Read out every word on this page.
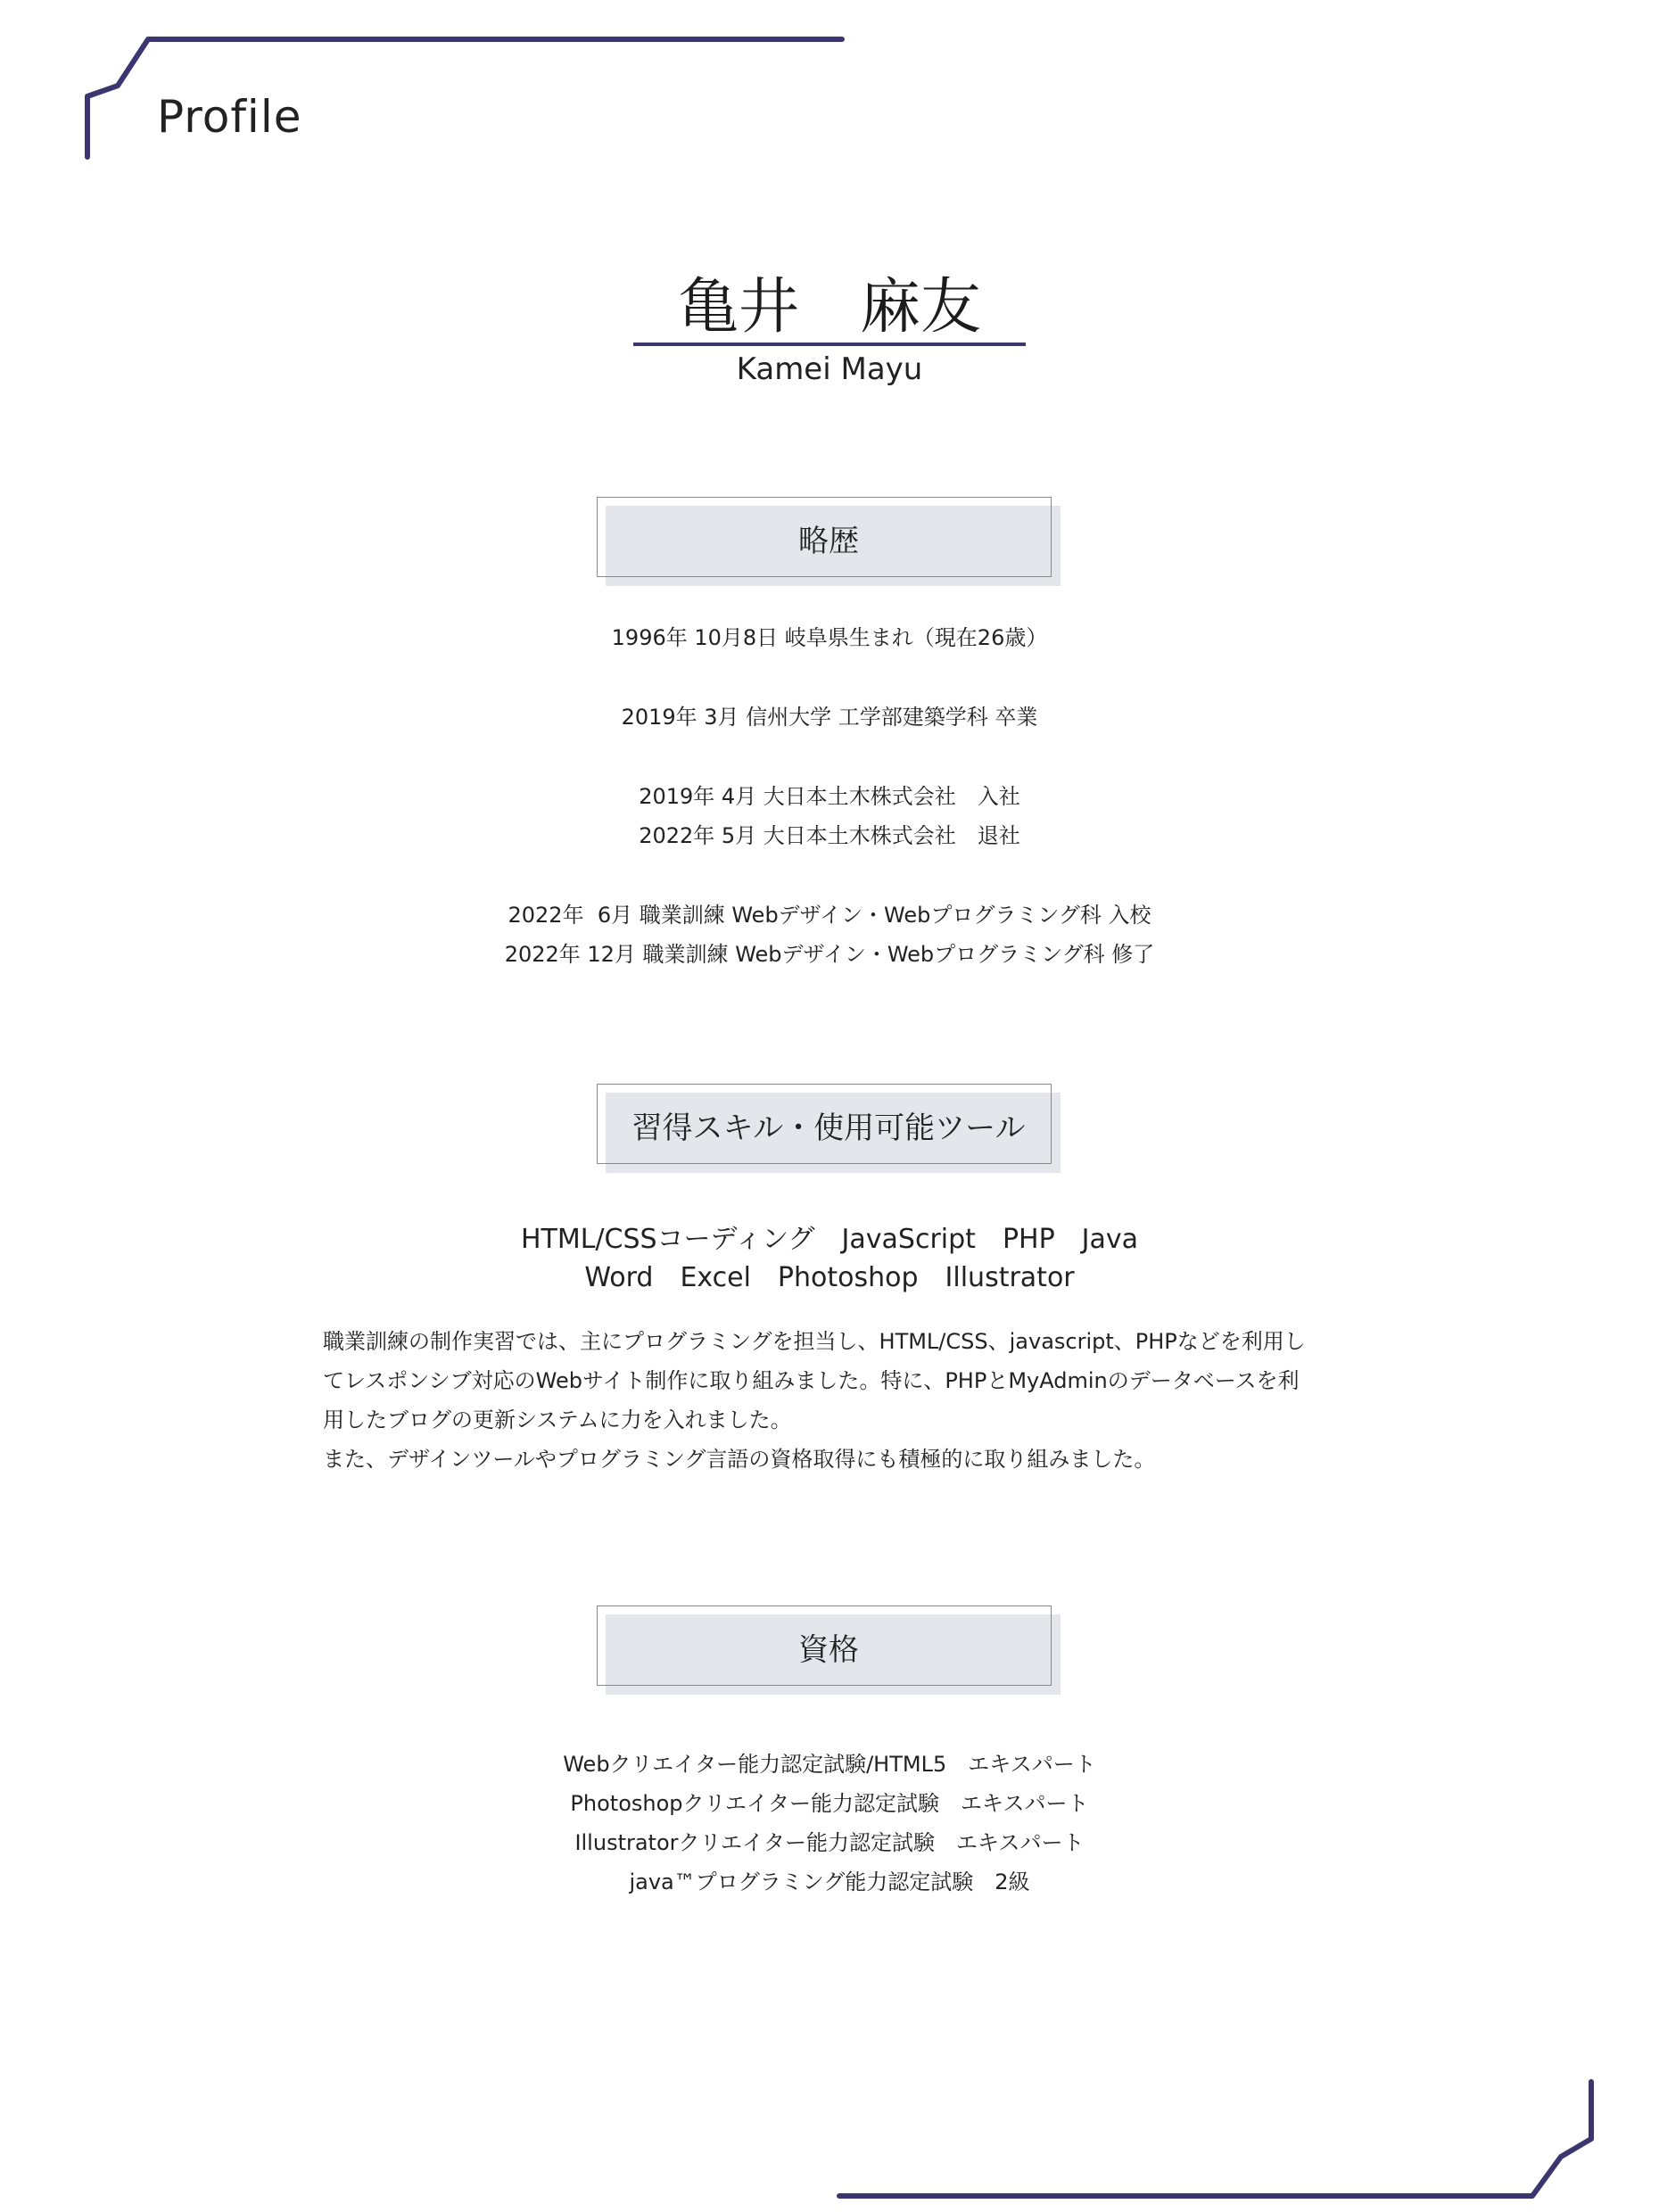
Profile
亀井　麻友
Kamei Mayu
略歴
1996年 10月8日 岐阜県生まれ（現在26歳）
2019年 3月 信州大学 工学部建築学科 卒業
2019年 4月 大日本土木株式会社　入社
2022年 5月 大日本土木株式会社　退社
2022年  6月 職業訓練 Webデザイン・Webプログラミング科 入校
2022年 12月 職業訓練 Webデザイン・Webプログラミング科 修了
習得スキル・使用可能ツール
HTML/CSSコーディング　JavaScript　PHP　Java
Word　Excel　Photoshop　Illustrator
職業訓練の制作実習では、主にプログラミングを担当し、HTML/CSS、javascript、PHPなどを利用し
てレスポンシブ対応のWebサイト制作に取り組みました。特に、PHPとMyAdminのデータベースを利
用したブログの更新システムに力を入れました。
また、デザインツールやプログラミング言語の資格取得にも積極的に取り組みました。
資格
Webクリエイター能力認定試験/HTML5　エキスパート
Photoshopクリエイター能力認定試験　エキスパート
Illustratorクリエイター能力認定試験　エキスパート
java™プログラミング能力認定試験　2級
